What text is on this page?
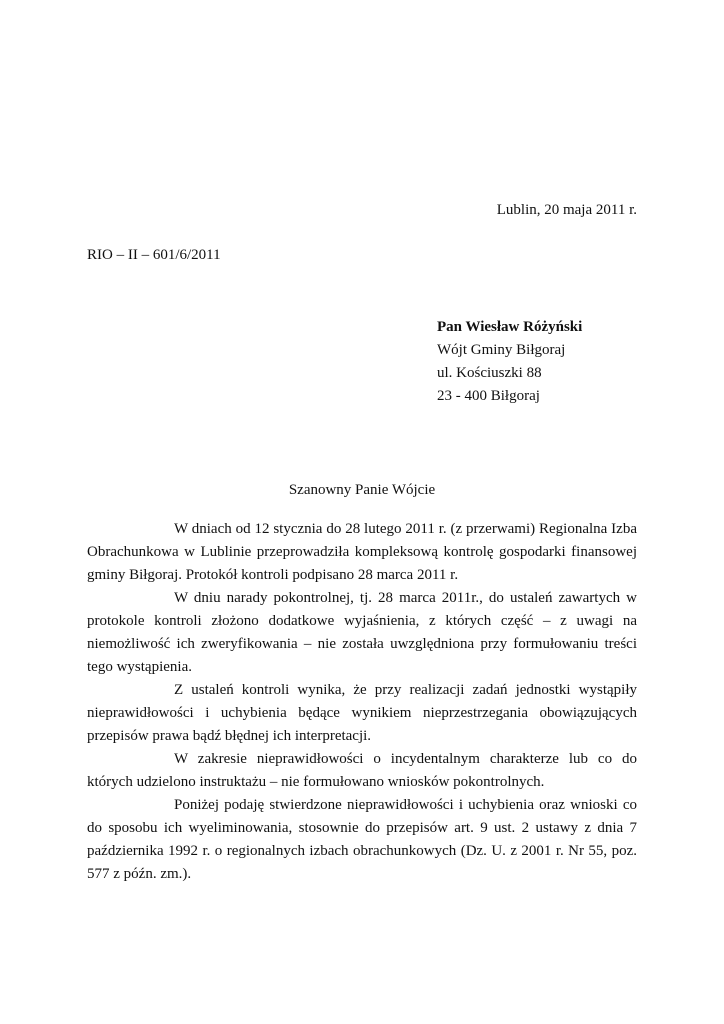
Lublin, 20 maja 2011 r.
RIO – II – 601/6/2011
Pan Wiesław Różyński
Wójt Gminy Biłgoraj
ul. Kościuszki 88
23 - 400 Biłgoraj
Szanowny Panie Wójcie

W dniach od 12 stycznia do 28 lutego 2011 r. (z przerwami) Regionalna Izba Obrachunkowa w Lublinie przeprowadziła kompleksową kontrolę gospodarki finansowej gminy Biłgoraj. Protokół kontroli podpisano 28 marca 2011 r.

W dniu narady pokontrolnej, tj. 28 marca 2011r., do ustaleń zawartych w protokole kontroli złożono dodatkowe wyjaśnienia, z których część – z uwagi na niemożliwość ich zweryfikowania – nie została uwzględniona przy formułowaniu treści tego wystąpienia.

Z ustaleń kontroli wynika, że przy realizacji zadań jednostki wystąpiły nieprawidłowości i uchybienia będące wynikiem nieprzestrzegania obowiązujących przepisów prawa bądź błędnej ich interpretacji.

W zakresie nieprawidłowości o incydentalnym charakterze lub co do których udzielono instruktażu – nie formułowano wniosków pokontrolnych.

Poniżej podaję stwierdzone nieprawidłowości i uchybienia oraz wnioski co do sposobu ich wyeliminowania, stosownie do przepisów art. 9 ust. 2 ustawy z dnia 7 października 1992 r. o regionalnych izbach obrachunkowych (Dz. U. z 2001 r. Nr 55, poz. 577 z późn. zm.).
